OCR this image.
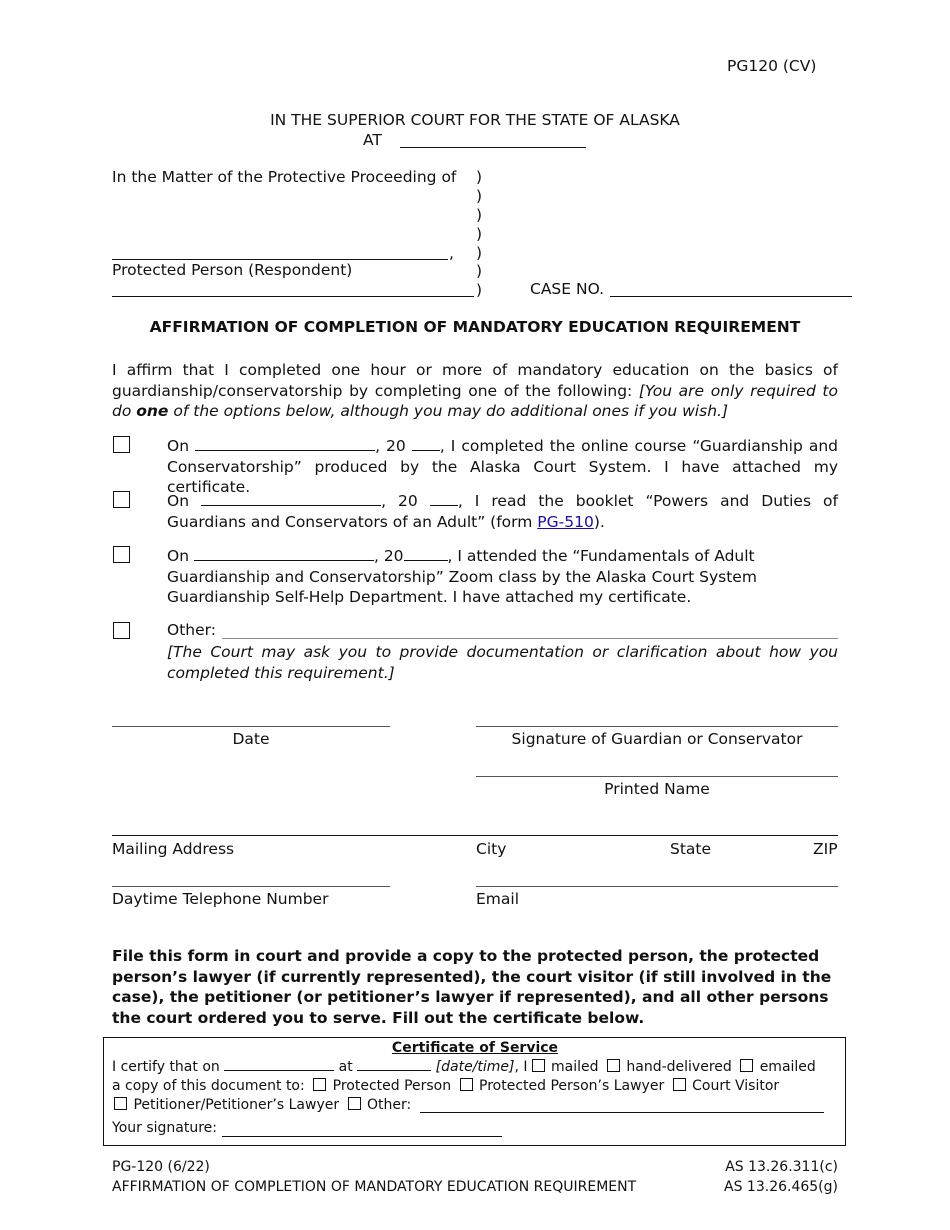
PG120 (CV)
IN THE SUPERIOR COURT FOR THE STATE OF ALASKA
AT
In the Matter of the Protective Proceeding of )
)
)
)
)
)
)
,
Protected Person (Respondent)
CASE NO.
AFFIRMATION OF COMPLETION OF MANDATORY EDUCATION REQUIREMENT
I affirm that I completed one hour or more of mandatory education on the basics of guardianship/conservatorship by completing one of the following: [You are only required to do one of the options below, although you may do additional ones if you wish.]
On	, 20 , I completed the online course “Guardianship and Conservatorship” produced by the Alaska Court System. I have attached my certificate.
On	, 20	, I read the booklet “Powers and Duties of Guardians and Conservators of an Adult” (form PG-510).
On	, 20	, I attended the “Fundamentals of Adult Guardianship and Conservatorship” Zoom class by the Alaska Court System Guardianship Self-Help Department. I have attached my certificate.
Other:
[The Court may ask you to provide documentation or clarification about how you completed this requirement.]
Date	Signature of Guardian or Conservator
Printed Name
Mailing Address	City	State	ZIP
Daytime Telephone Number	Email
File this form in court and provide a copy to the protected person, the protected person’s lawyer (if currently represented), the court visitor (if still involved in the case), the petitioner (or petitioner’s lawyer if represented), and all other persons the court ordered you to serve. Fill out the certificate below.
Certificate of Service
I certify that on	at	[date/time], I mailed hand-delivered emailed
a copy of this document to: Protected Person Protected Person’s Lawyer Court Visitor
Petitioner/Petitioner’s Lawyer Other:
Your signature:
PG-120 (6/22)
AFFIRMATION OF COMPLETION OF MANDATORY EDUCATION REQUIREMENT
AS 13.26.311(c)
AS 13.26.465(g)
